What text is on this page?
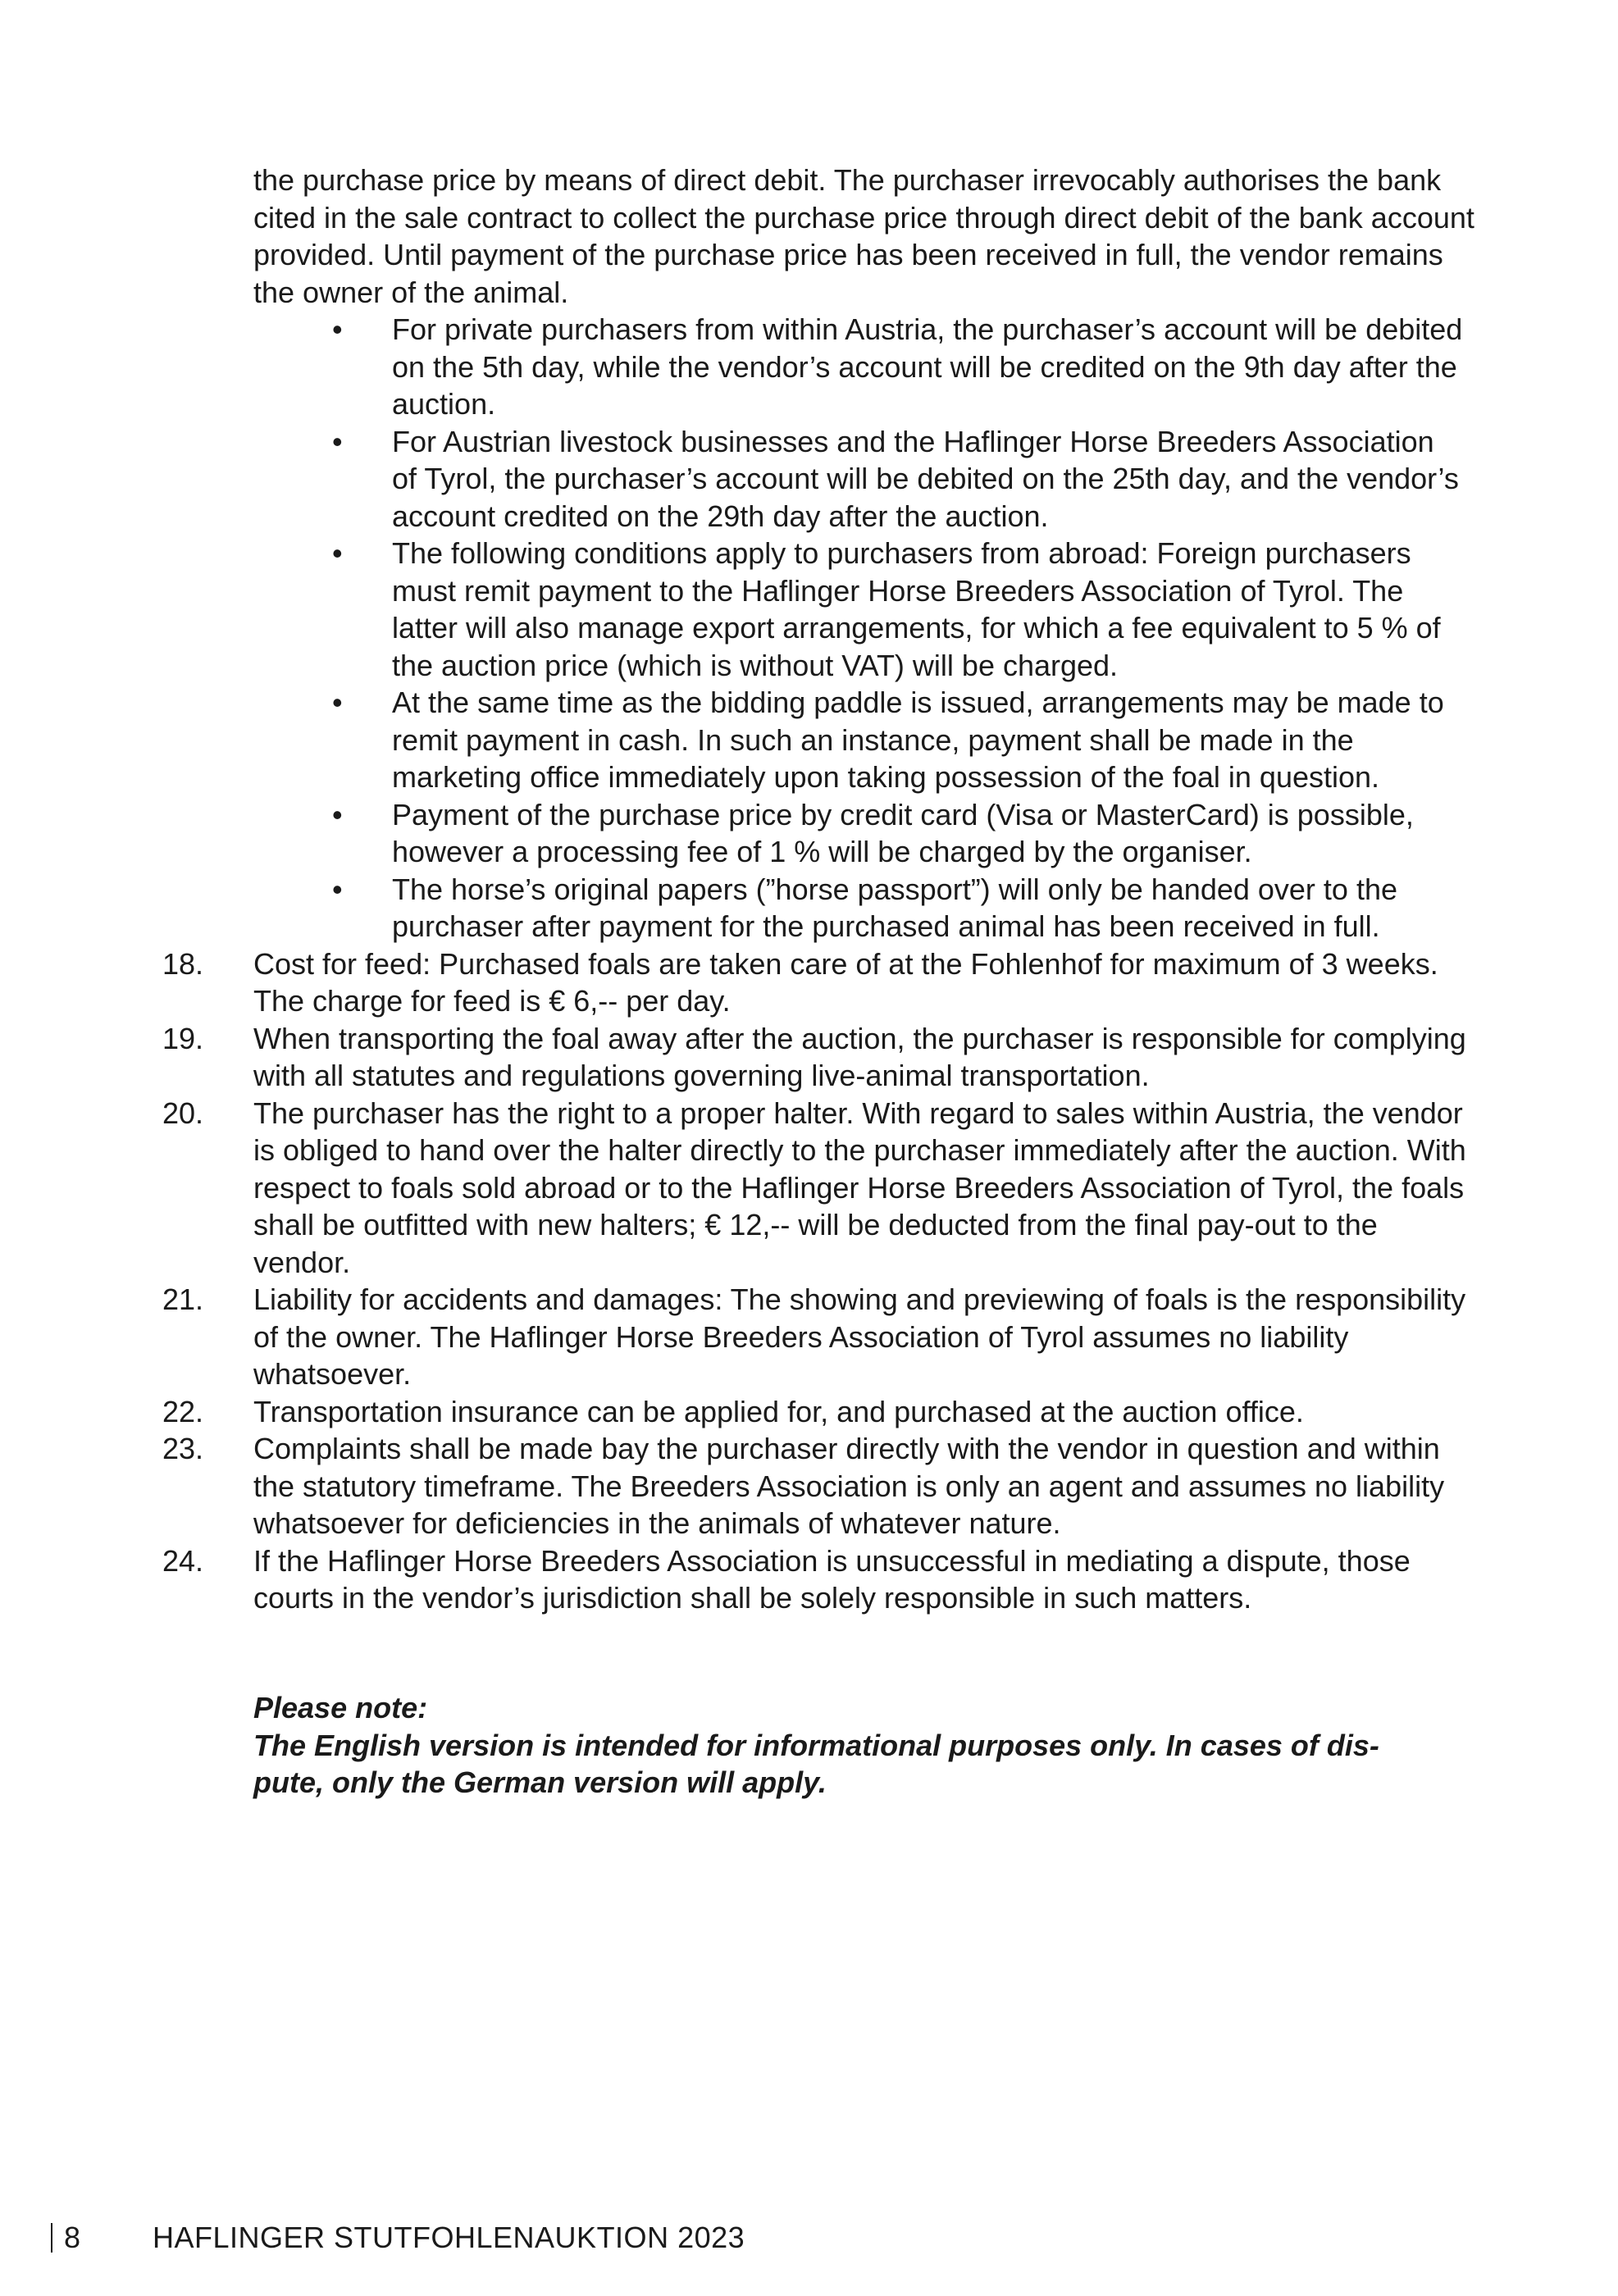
the purchase price by means of direct debit. The purchaser irrevocably authorises the bank cited in the sale contract to collect the purchase price through direct debit of the bank account provided. Until payment of the purchase price has been received in full, the vendor remains the owner of the animal.

• For private purchasers from within Austria, the purchaser’s account will be debited on the 5th day, while the vendor’s account will be credited on the 9th day after the auction.
• For Austrian livestock businesses and the Haflinger Horse Breeders Association of Tyrol, the purchaser’s account will be debited on the 25th day, and the vendor’s account credited on the 29th day after the auction.
• The following conditions apply to purchasers from abroad: Foreign purchasers must remit payment to the Haflinger Horse Breeders Association of Tyrol. The latter will also manage export arrangements, for which a fee equivalent to 5 % of the auction price (which is without VAT) will be charged.
• At the same time as the bidding paddle is issued, arrangements may be made to remit payment in cash. In such an instance, payment shall be made in the marketing office immediately upon taking possession of the foal in question.
• Payment of the purchase price by credit card (Visa or MasterCard) is possible, however a processing fee of 1 % will be charged by the organiser.
• The horse’s original papers (”horse passport”) will only be handed over to the purchaser after payment for the purchased animal has been received in full.
18.	Cost for feed: Purchased foals are taken care of at the Fohlenhof for maximum of 3 weeks. The charge for feed is € 6,-- per day.
19.	When transporting the foal away after the auction, the purchaser is responsible for complying with all statutes and regulations governing live-animal transportation.
20.	The purchaser has the right to a proper halter. With regard to sales within Austria, the vendor is obliged to hand over the halter directly to the purchaser immediately after the auction. With respect to foals sold abroad or to the Haflinger Horse Breeders Association of Tyrol, the foals shall be outfitted with new halters; € 12,-- will be deducted from the final pay-out to the vendor.
21.	Liability for accidents and damages: The showing and previewing of foals is the responsibility of the owner. The Haflinger Horse Breeders Association of Tyrol assumes no liability whatsoever.
22.	Transportation insurance can be applied for, and purchased at the auction office.
23.	Complaints shall be made bay the purchaser directly with the vendor in question and within the statutory timeframe. The Breeders Association is only an agent and assumes no liability whatsoever for deficiencies in the animals of whatever nature.
24.	If the Haflinger Horse Breeders Association is unsuccessful in mediating a dispute, those courts in the vendor’s jurisdiction shall be solely responsible in such matters.

Please note:

The English version is intended for informational purposes only. In cases of dispute, only the German version will apply.

8	HAFLINGER STUTFOHLENAUKTION 2023
